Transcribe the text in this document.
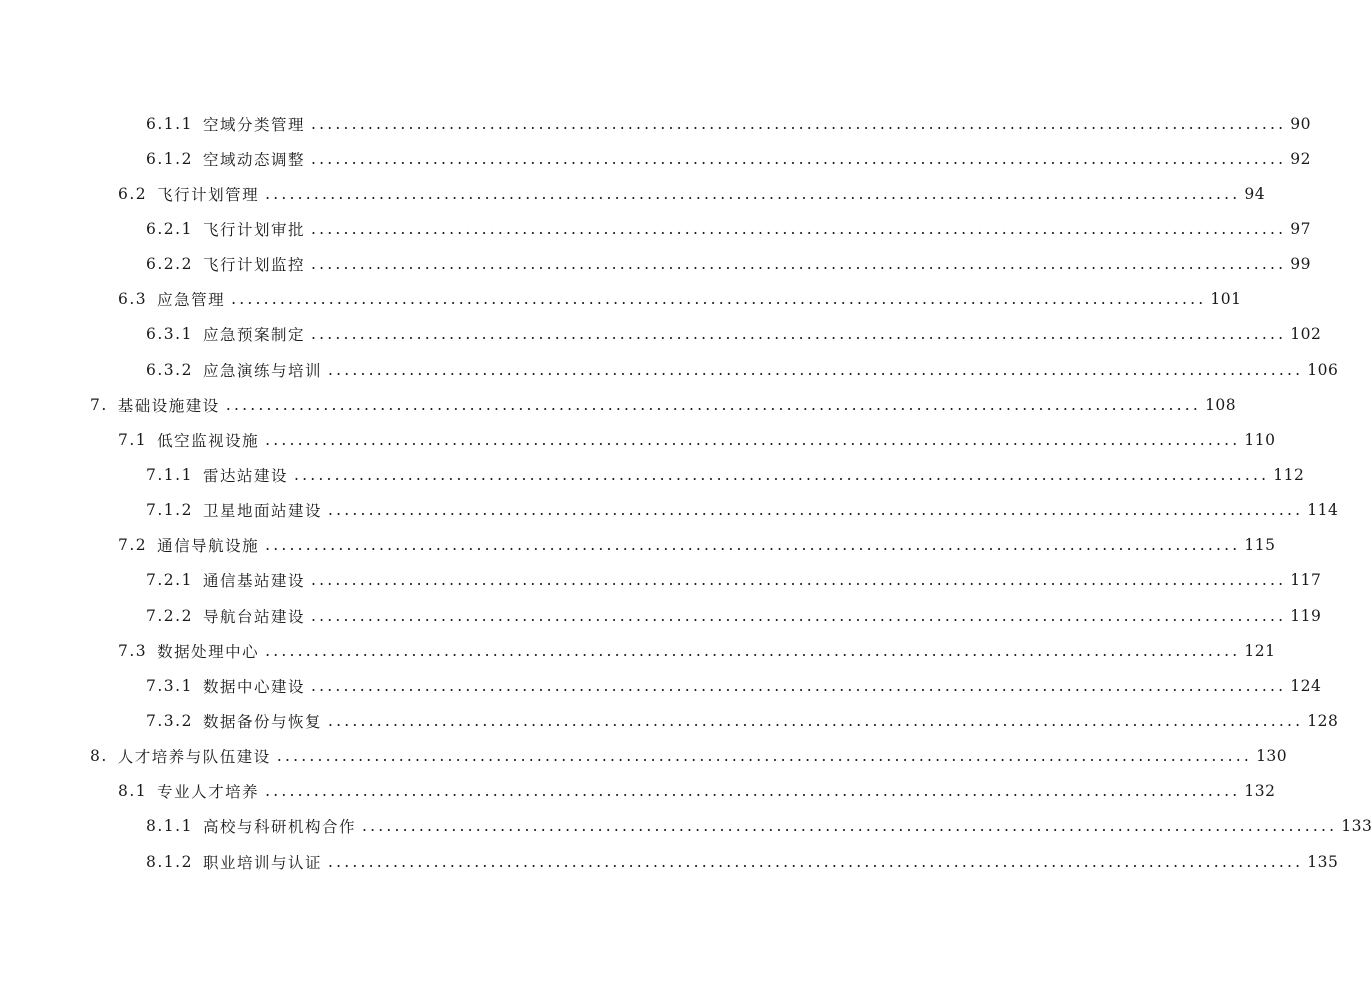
6.1.1 空域分类管理 ........................................................................................................................ 90
6.1.2 空域动态调整 ........................................................................................................................ 92
6.2 飞行计划管理 ........................................................................................................................ 94
6.2.1 飞行计划审批 ........................................................................................................................ 97
6.2.2 飞行计划监控 ........................................................................................................................ 99
6.3 应急管理 ........................................................................................................................ 101
6.3.1 应急预案制定 ........................................................................................................................ 102
6.3.2 应急演练与培训 ........................................................................................................................ 106
7. 基础设施建设 ........................................................................................................................ 108
7.1 低空监视设施 ........................................................................................................................ 110
7.1.1 雷达站建设 ........................................................................................................................ 112
7.1.2 卫星地面站建设 ........................................................................................................................ 114
7.2 通信导航设施 ........................................................................................................................ 115
7.2.1 通信基站建设 ........................................................................................................................ 117
7.2.2 导航台站建设 ........................................................................................................................ 119
7.3 数据处理中心 ........................................................................................................................ 121
7.3.1 数据中心建设 ........................................................................................................................ 124
7.3.2 数据备份与恢复 ........................................................................................................................ 128
8. 人才培养与队伍建设 ........................................................................................................................ 130
8.1 专业人才培养 ........................................................................................................................ 132
8.1.1 高校与科研机构合作 ........................................................................................................................ 133
8.1.2 职业培训与认证 ........................................................................................................................ 135
